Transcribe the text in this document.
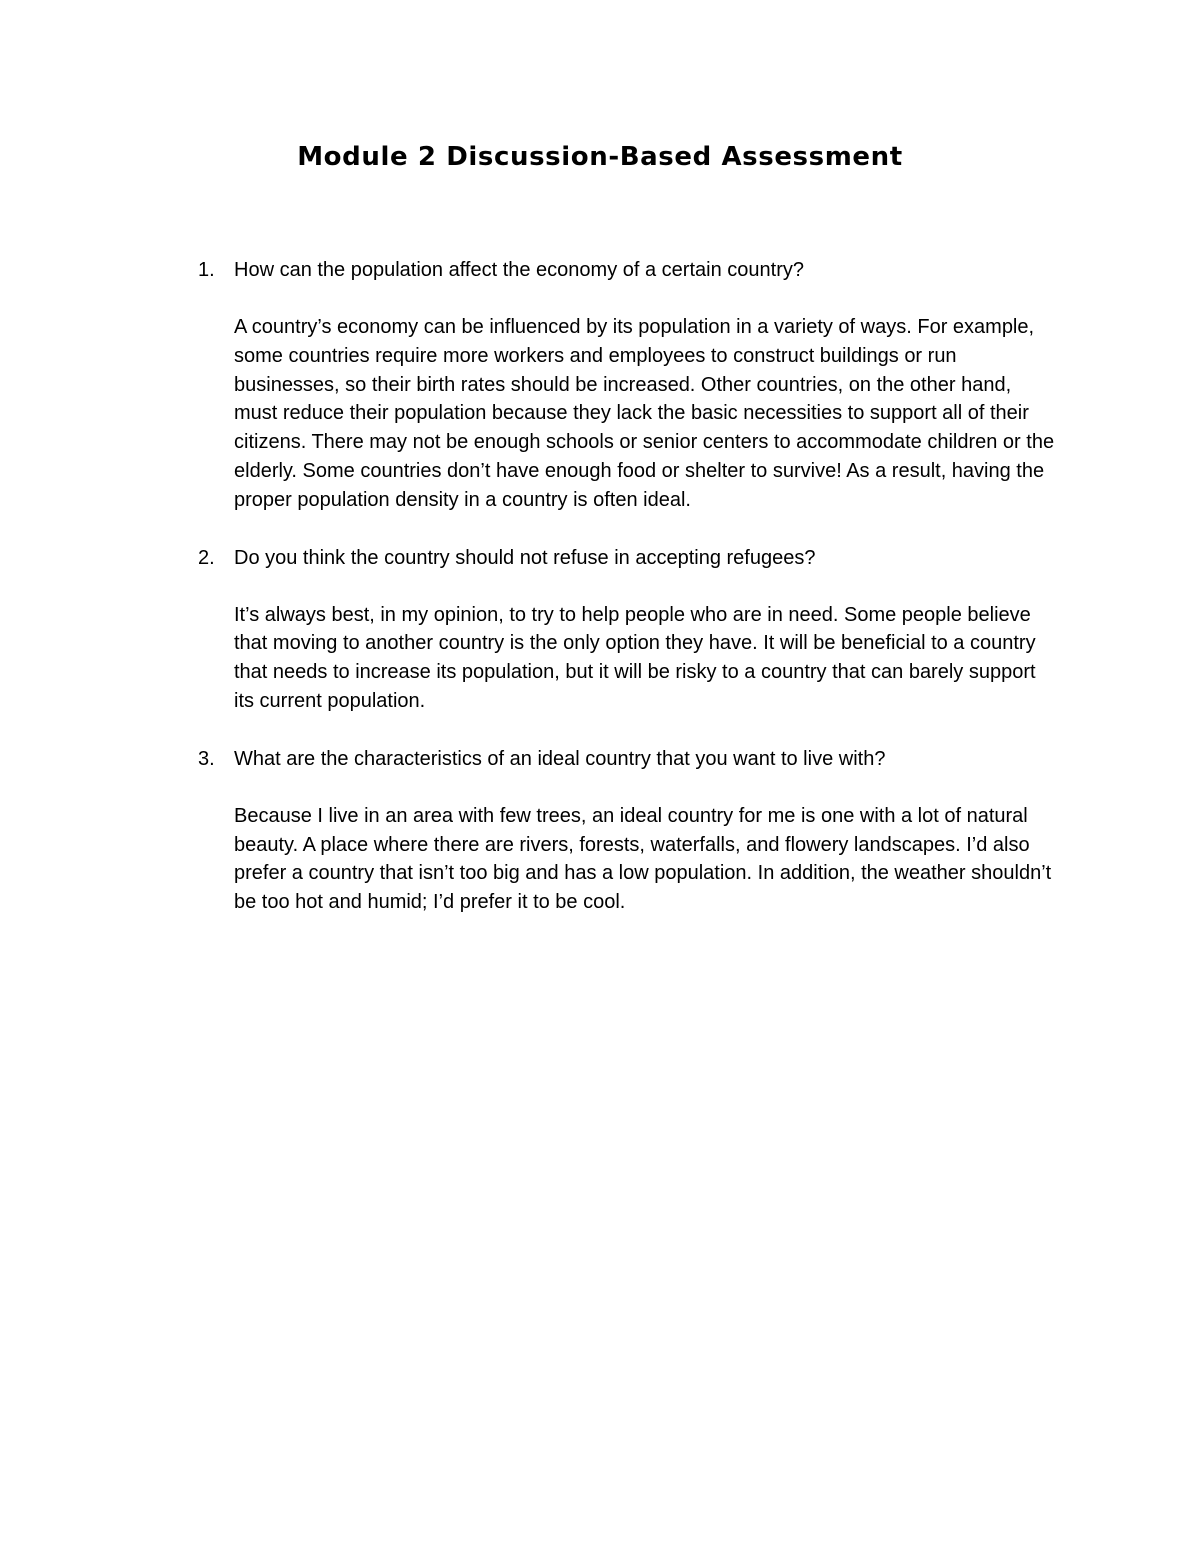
Module 2 Discussion-Based Assessment
1. How can the population affect the economy of a certain country?

A country’s economy can be influenced by its population in a variety of ways. For example, some countries require more workers and employees to construct buildings or run businesses, so their birth rates should be increased. Other countries, on the other hand, must reduce their population because they lack the basic necessities to support all of their citizens. There may not be enough schools or senior centers to accommodate children or the elderly. Some countries don’t have enough food or shelter to survive! As a result, having the proper population density in a country is often ideal.

2. Do you think the country should not refuse in accepting refugees?

It’s always best, in my opinion, to try to help people who are in need. Some people believe that moving to another country is the only option they have. It will be beneficial to a country that needs to increase its population, but it will be risky to a country that can barely support its current population.

3. What are the characteristics of an ideal country that you want to live with?

Because I live in an area with few trees, an ideal country for me is one with a lot of natural beauty. A place where there are rivers, forests, waterfalls, and flowery landscapes. I’d also prefer a country that isn’t too big and has a low population. In addition, the weather shouldn’t be too hot and humid; I’d prefer it to be cool.
